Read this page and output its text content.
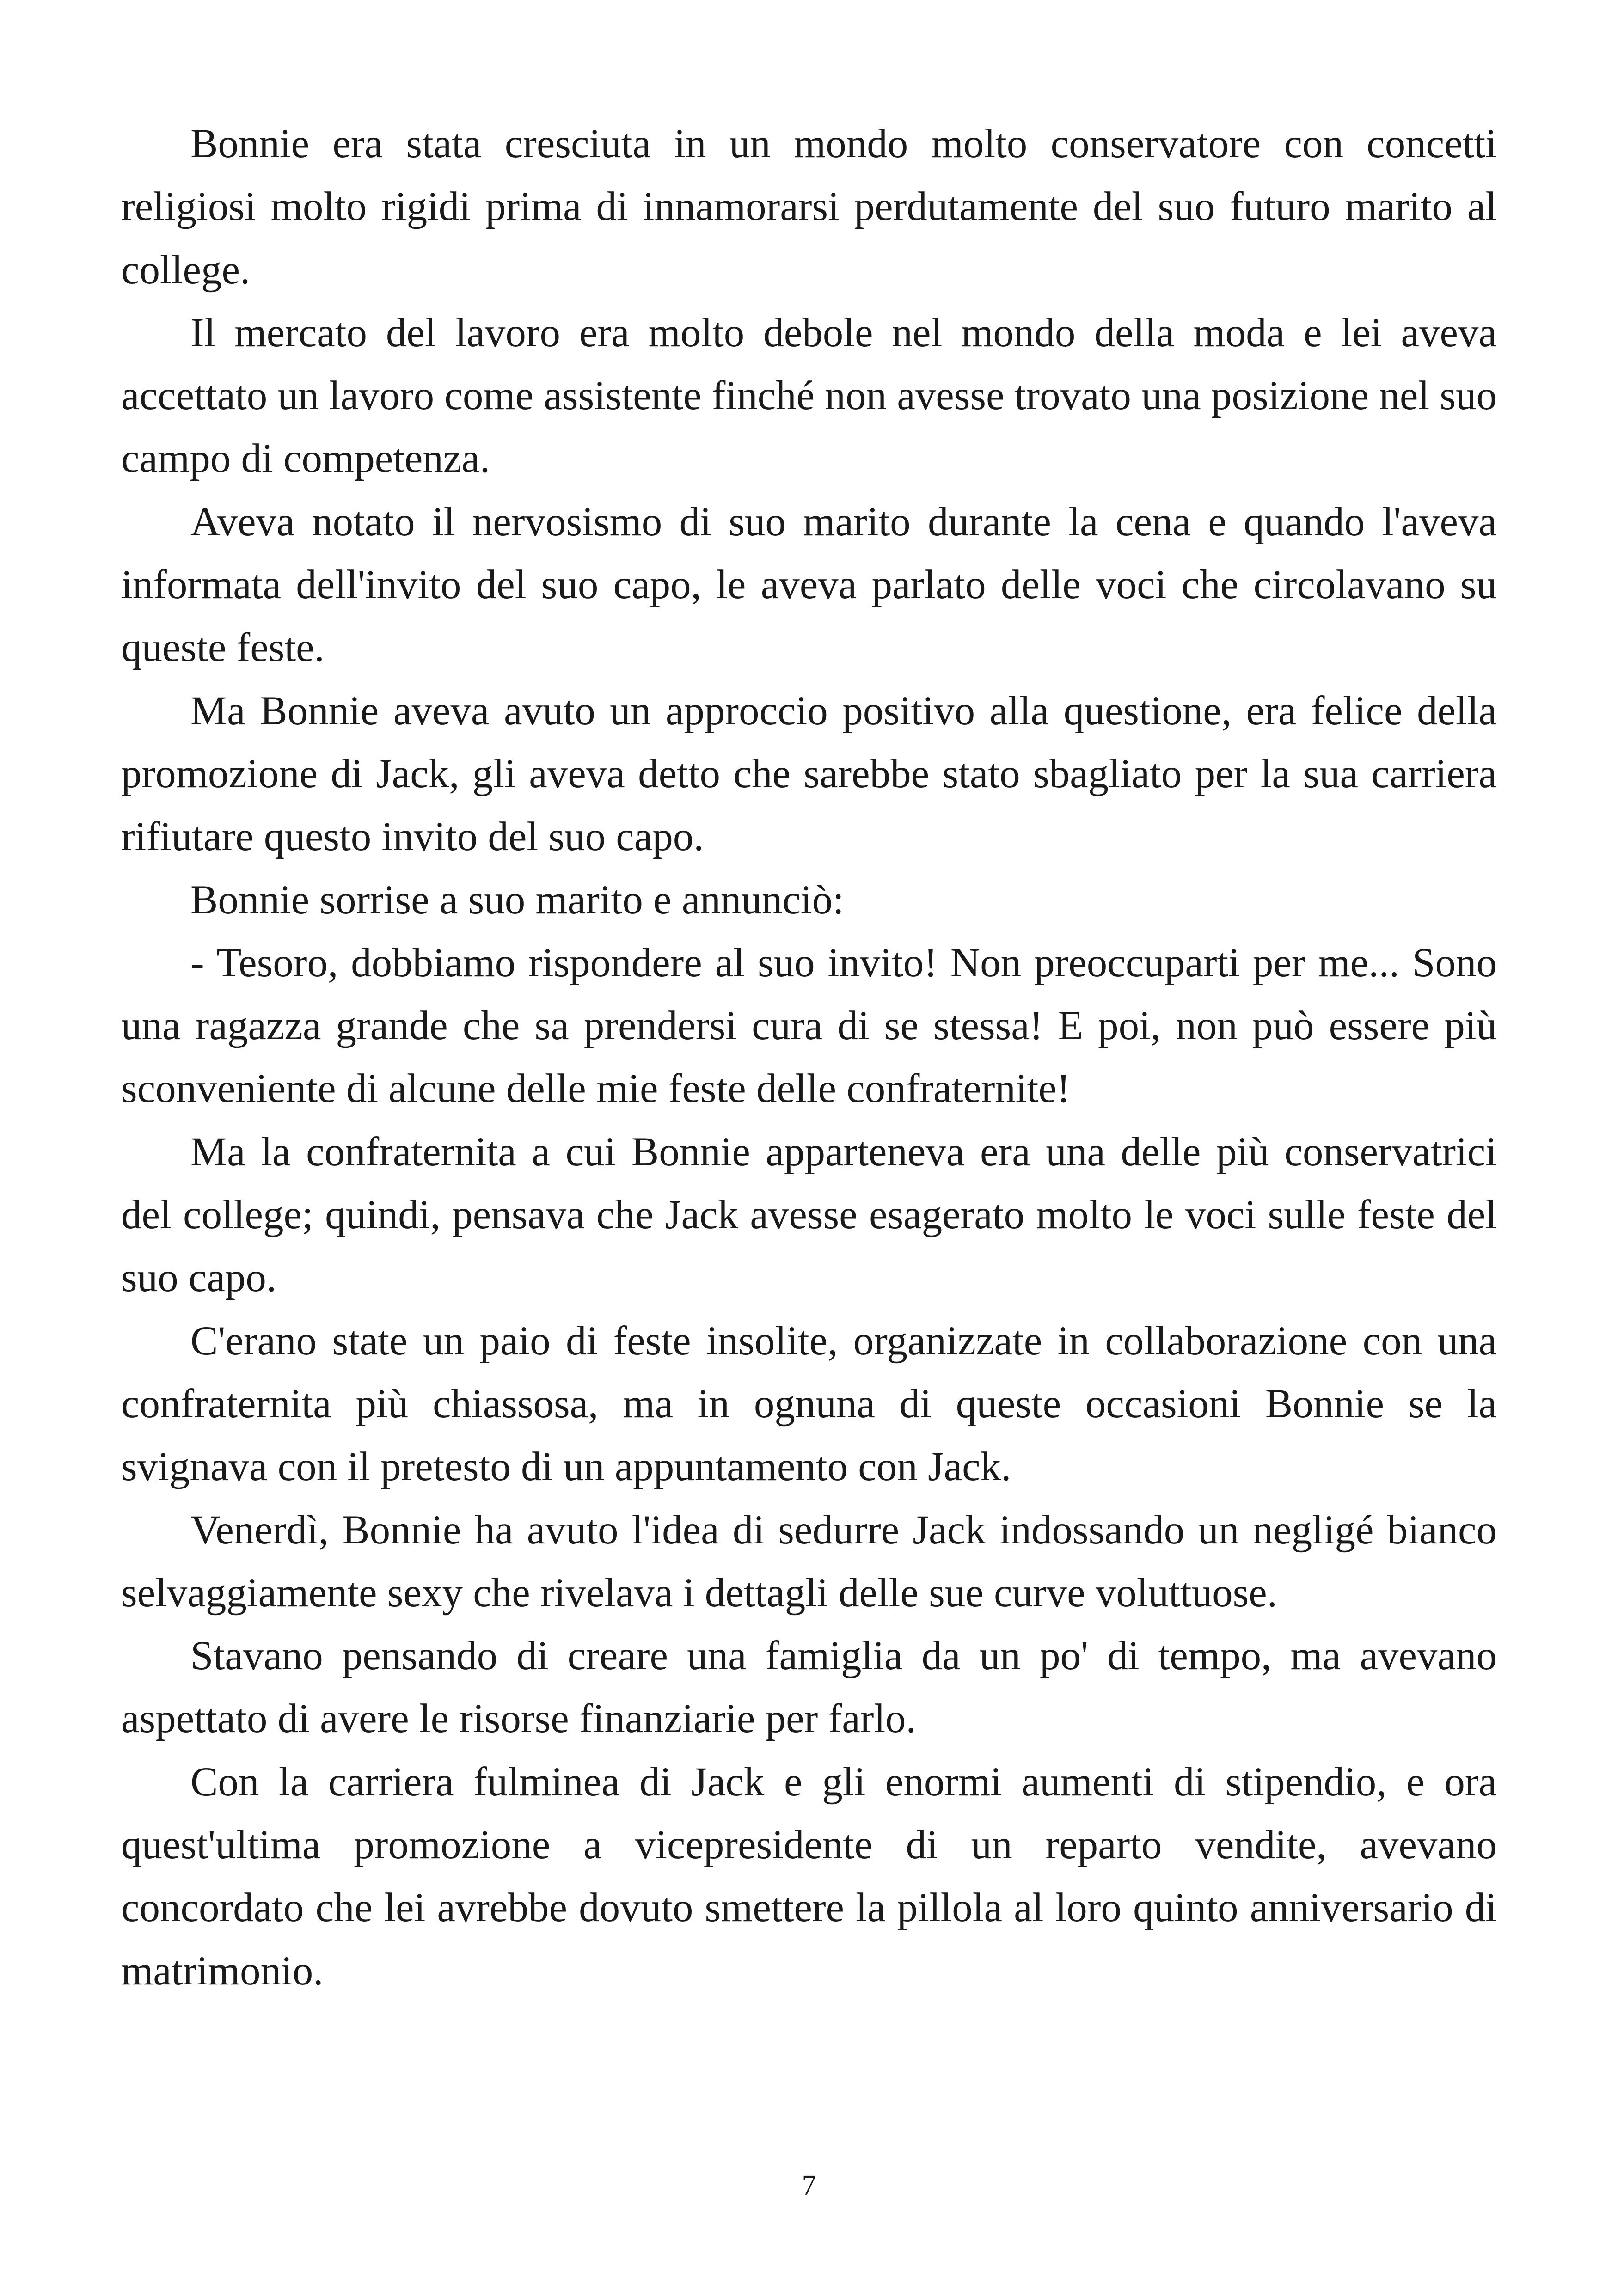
Bonnie era stata cresciuta in un mondo molto conservatore con concetti religiosi molto rigidi prima di innamorarsi perdutamente del suo futuro marito al college.

Il mercato del lavoro era molto debole nel mondo della moda e lei aveva accettato un lavoro come assistente finché non avesse trovato una posizione nel suo campo di competenza.

Aveva notato il nervosismo di suo marito durante la cena e quando l'aveva informata dell'invito del suo capo, le aveva parlato delle voci che circolavano su queste feste.

Ma Bonnie aveva avuto un approccio positivo alla questione, era felice della promozione di Jack, gli aveva detto che sarebbe stato sbagliato per la sua carriera rifiutare questo invito del suo capo.

Bonnie sorrise a suo marito e annunciò:

- Tesoro, dobbiamo rispondere al suo invito! Non preoccuparti per me... Sono una ragazza grande che sa prendersi cura di se stessa! E poi, non può essere più sconveniente di alcune delle mie feste delle confraternite!

Ma la confraternita a cui Bonnie apparteneva era una delle più conservatrici del college; quindi, pensava che Jack avesse esagerato molto le voci sulle feste del suo capo.

C'erano state un paio di feste insolite, organizzate in collaborazione con una confraternita più chiassosa, ma in ognuna di queste occasioni Bonnie se la svignava con il pretesto di un appuntamento con Jack.

Venerdì, Bonnie ha avuto l'idea di sedurre Jack indossando un negligé bianco selvaggiamente sexy che rivelava i dettagli delle sue curve voluttuose.

Stavano pensando di creare una famiglia da un po' di tempo, ma avevano aspettato di avere le risorse finanziarie per farlo.

Con la carriera fulminea di Jack e gli enormi aumenti di stipendio, e ora quest'ultima promozione a vicepresidente di un reparto vendite, avevano concordato che lei avrebbe dovuto smettere la pillola al loro quinto anniversario di matrimonio.

7
